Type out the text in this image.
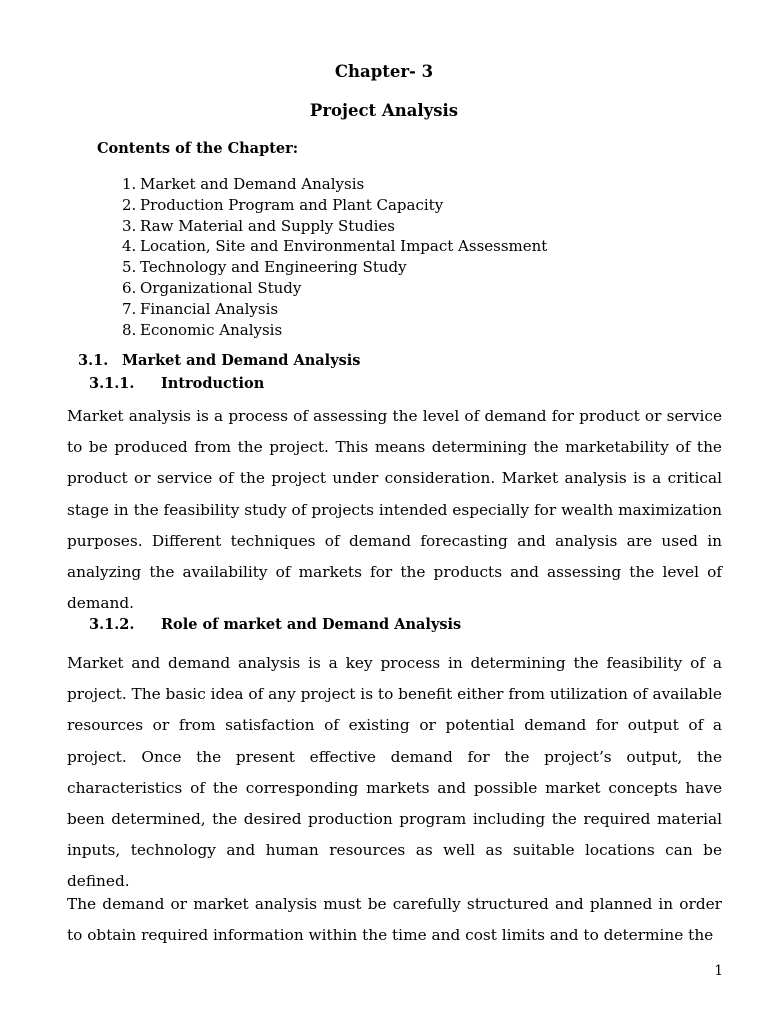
Chapter- 3
Project Analysis
Contents of the Chapter:
1. Market and Demand Analysis
2. Production Program and Plant Capacity
3. Raw Material and Supply Studies
4. Location, Site and Environmental Impact Assessment
5. Technology and Engineering Study
6. Organizational Study
7. Financial Analysis
8. Economic Analysis
3.1. Market and Demand Analysis
3.1.1. Introduction

Market analysis is a process of assessing the level of demand for product or service to be produced from the project. This means determining the marketability of the product or service of the project under consideration. Market analysis is a critical stage in the feasibility study of projects intended especially for wealth maximization purposes. Different techniques of demand forecasting and analysis are used in analyzing the availability of markets for the products and assessing the level of demand.

3.1.2. Role of market and Demand Analysis

Market and demand analysis is a key process in determining the feasibility of a project. The basic idea of any project is to benefit either from utilization of available resources or from satisfaction of existing or potential demand for output of a project. Once the present effective demand for the project’s output, the characteristics of the corresponding markets and possible market concepts have been determined, the desired production program including the required material inputs, technology and human resources as well as suitable locations can be defined.

The demand or market analysis must be carefully structured and planned in order to obtain required information within the time and cost limits and to determine the

1
